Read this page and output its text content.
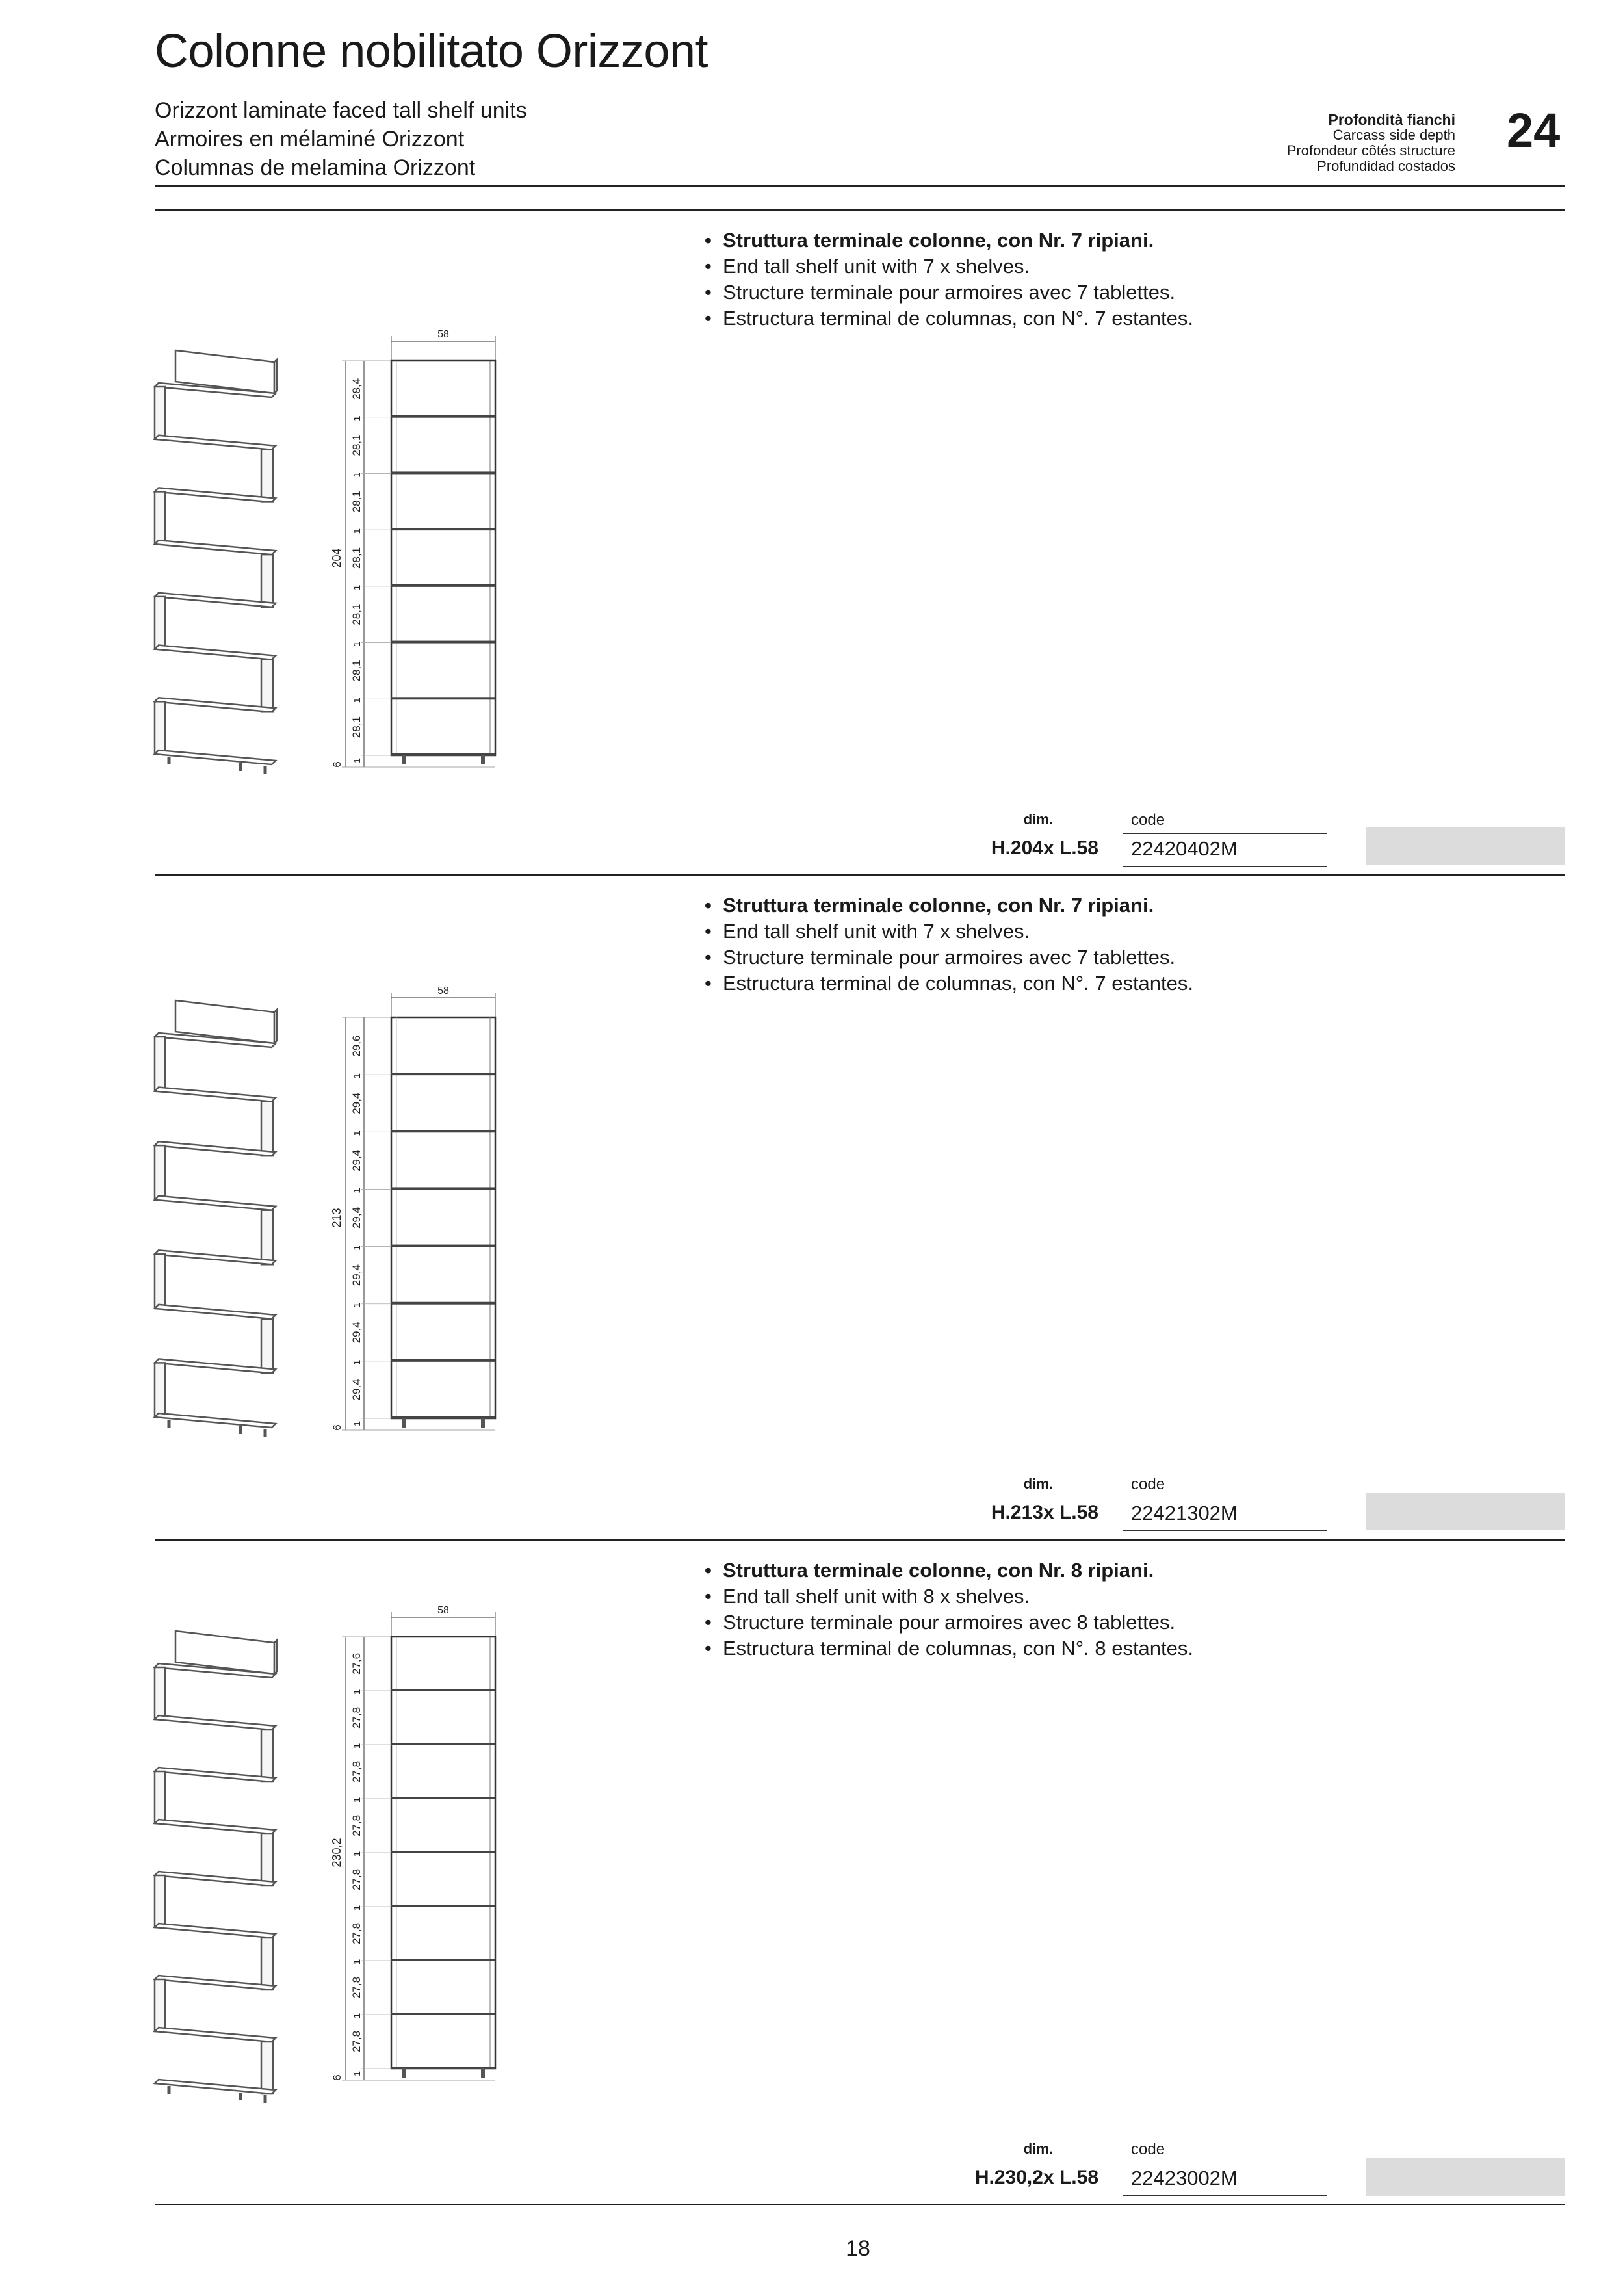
Colonne nobilitato Orizzont
Orizzont laminate faced tall shelf units
Armoires en mélaminé Orizzont
Columnas de melamina Orizzont
Profondità fianchi
Carcass side depth
Profondeur côtés structure
Profundidad costados
24
• Struttura terminale colonne, con Nr. 7 ripiani.
• End tall shelf unit with 7 x shelves.
• Structure terminale pour armoires avec 7 tablettes.
• Estructura terminal de columnas, con N°. 7 estantes.
58
204
28,4
28,1
1
28,1
1
28,1
1
28,1
1
28,1
1
28,1
1
6
1
dim.	code
H.204x L.58 22420402M
• Struttura terminale colonne, con Nr. 7 ripiani.
• End tall shelf unit with 7 x shelves.
• Structure terminale pour armoires avec 7 tablettes.
• Estructura terminal de columnas, con N°. 7 estantes.
58
213
29,6
29,4
1
29,4
1
29,4
1
29,4
1
29,4
1
29,4
1
6
1
dim.	code
H.213x L.58 22421302M
• Struttura terminale colonne, con Nr. 8 ripiani.
• End tall shelf unit with 8 x shelves.
• Structure terminale pour armoires avec 8 tablettes.
• Estructura terminal de columnas, con N°. 8 estantes.
58
230,2
27,6
27,8
1
27,8
1
27,8
1
27,8
1
27,8
1
27,8
1
27,8
1
6
1
dim.	code
H.230,2x L.58 22423002M
18
